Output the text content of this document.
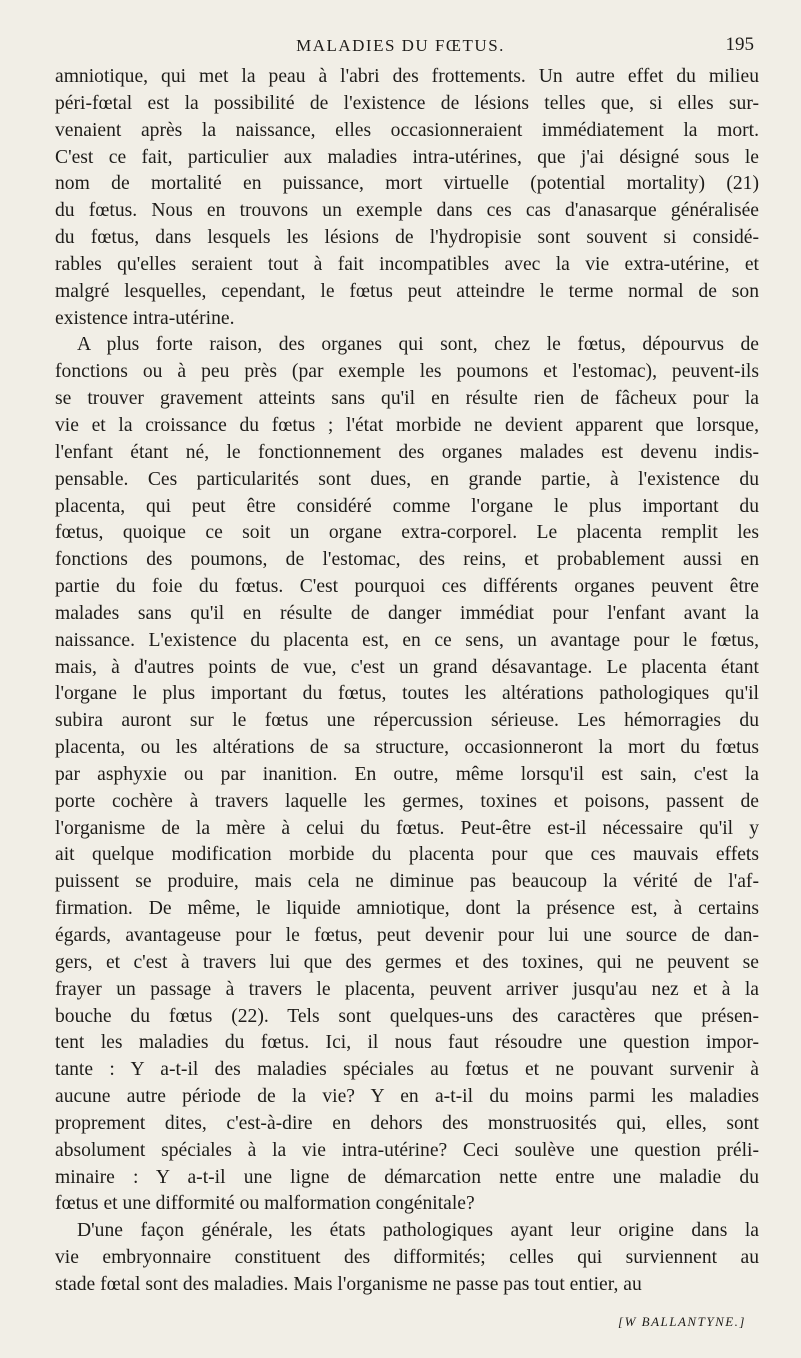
MALADIES DU FŒTUS.	195
amniotique, qui met la peau à l'abri des frottements. Un autre effet du milieu
péri-fœtal est la possibilité de l'existence de lésions telles que, si elles sur-
venaient après la naissance, elles occasionneraient immédiatement la mort.
C'est ce fait, particulier aux maladies intra-utérines, que j'ai désigné sous le
nom de mortalité en puissance, mort virtuelle (potential mortality) (21)
du fœtus. Nous en trouvons un exemple dans ces cas d'anasarque généralisée
du fœtus, dans lesquels les lésions de l'hydropisie sont souvent si considé-
rables qu'elles seraient tout à fait incompatibles avec la vie extra-utérine, et
malgré lesquelles, cependant, le fœtus peut atteindre le terme normal de son
existence intra-utérine.
A plus forte raison, des organes qui sont, chez le fœtus, dépourvus de
fonctions ou à peu près (par exemple les poumons et l'estomac), peuvent-ils
se trouver gravement atteints sans qu'il en résulte rien de fâcheux pour la
vie et la croissance du fœtus ; l'état morbide ne devient apparent que lorsque,
l'enfant étant né, le fonctionnement des organes malades est devenu indis-
pensable. Ces particularités sont dues, en grande partie, à l'existence du
placenta, qui peut être considéré comme l'organe le plus important du
fœtus, quoique ce soit un organe extra-corporel. Le placenta remplit les
fonctions des poumons, de l'estomac, des reins, et probablement aussi en
partie du foie du fœtus. C'est pourquoi ces différents organes peuvent être
malades sans qu'il en résulte de danger immédiat pour l'enfant avant la
naissance. L'existence du placenta est, en ce sens, un avantage pour le fœtus,
mais, à d'autres points de vue, c'est un grand désavantage. Le placenta étant
l'organe le plus important du fœtus, toutes les altérations pathologiques qu'il
subira auront sur le fœtus une répercussion sérieuse. Les hémorragies du
placenta, ou les altérations de sa structure, occasionneront la mort du fœtus
par asphyxie ou par inanition. En outre, même lorsqu'il est sain, c'est la
porte cochère à travers laquelle les germes, toxines et poisons, passent de
l'organisme de la mère à celui du fœtus. Peut-être est-il nécessaire qu'il y
ait quelque modification morbide du placenta pour que ces mauvais effets
puissent se produire, mais cela ne diminue pas beaucoup la vérité de l'af-
firmation. De même, le liquide amniotique, dont la présence est, à certains
égards, avantageuse pour le fœtus, peut devenir pour lui une source de dan-
gers, et c'est à travers lui que des germes et des toxines, qui ne peuvent se
frayer un passage à travers le placenta, peuvent arriver jusqu'au nez et à la
bouche du fœtus (22). Tels sont quelques-uns des caractères que présen-
tent les maladies du fœtus. Ici, il nous faut résoudre une question impor-
tante : Y a-t-il des maladies spéciales au fœtus et ne pouvant survenir à
aucune autre période de la vie? Y en a-t-il du moins parmi les maladies
proprement dites, c'est-à-dire en dehors des monstruosités qui, elles, sont
absolument spéciales à la vie intra-utérine? Ceci soulève une question préli-
minaire : Y a-t-il une ligne de démarcation nette entre une maladie du
fœtus et une difformité ou malformation congénitale?
D'une façon générale, les états pathologiques ayant leur origine dans la
vie embryonnaire constituent des difformités; celles qui surviennent au
stade fœtal sont des maladies. Mais l'organisme ne passe pas tout entier, au
[W BALLANTYNE.]
